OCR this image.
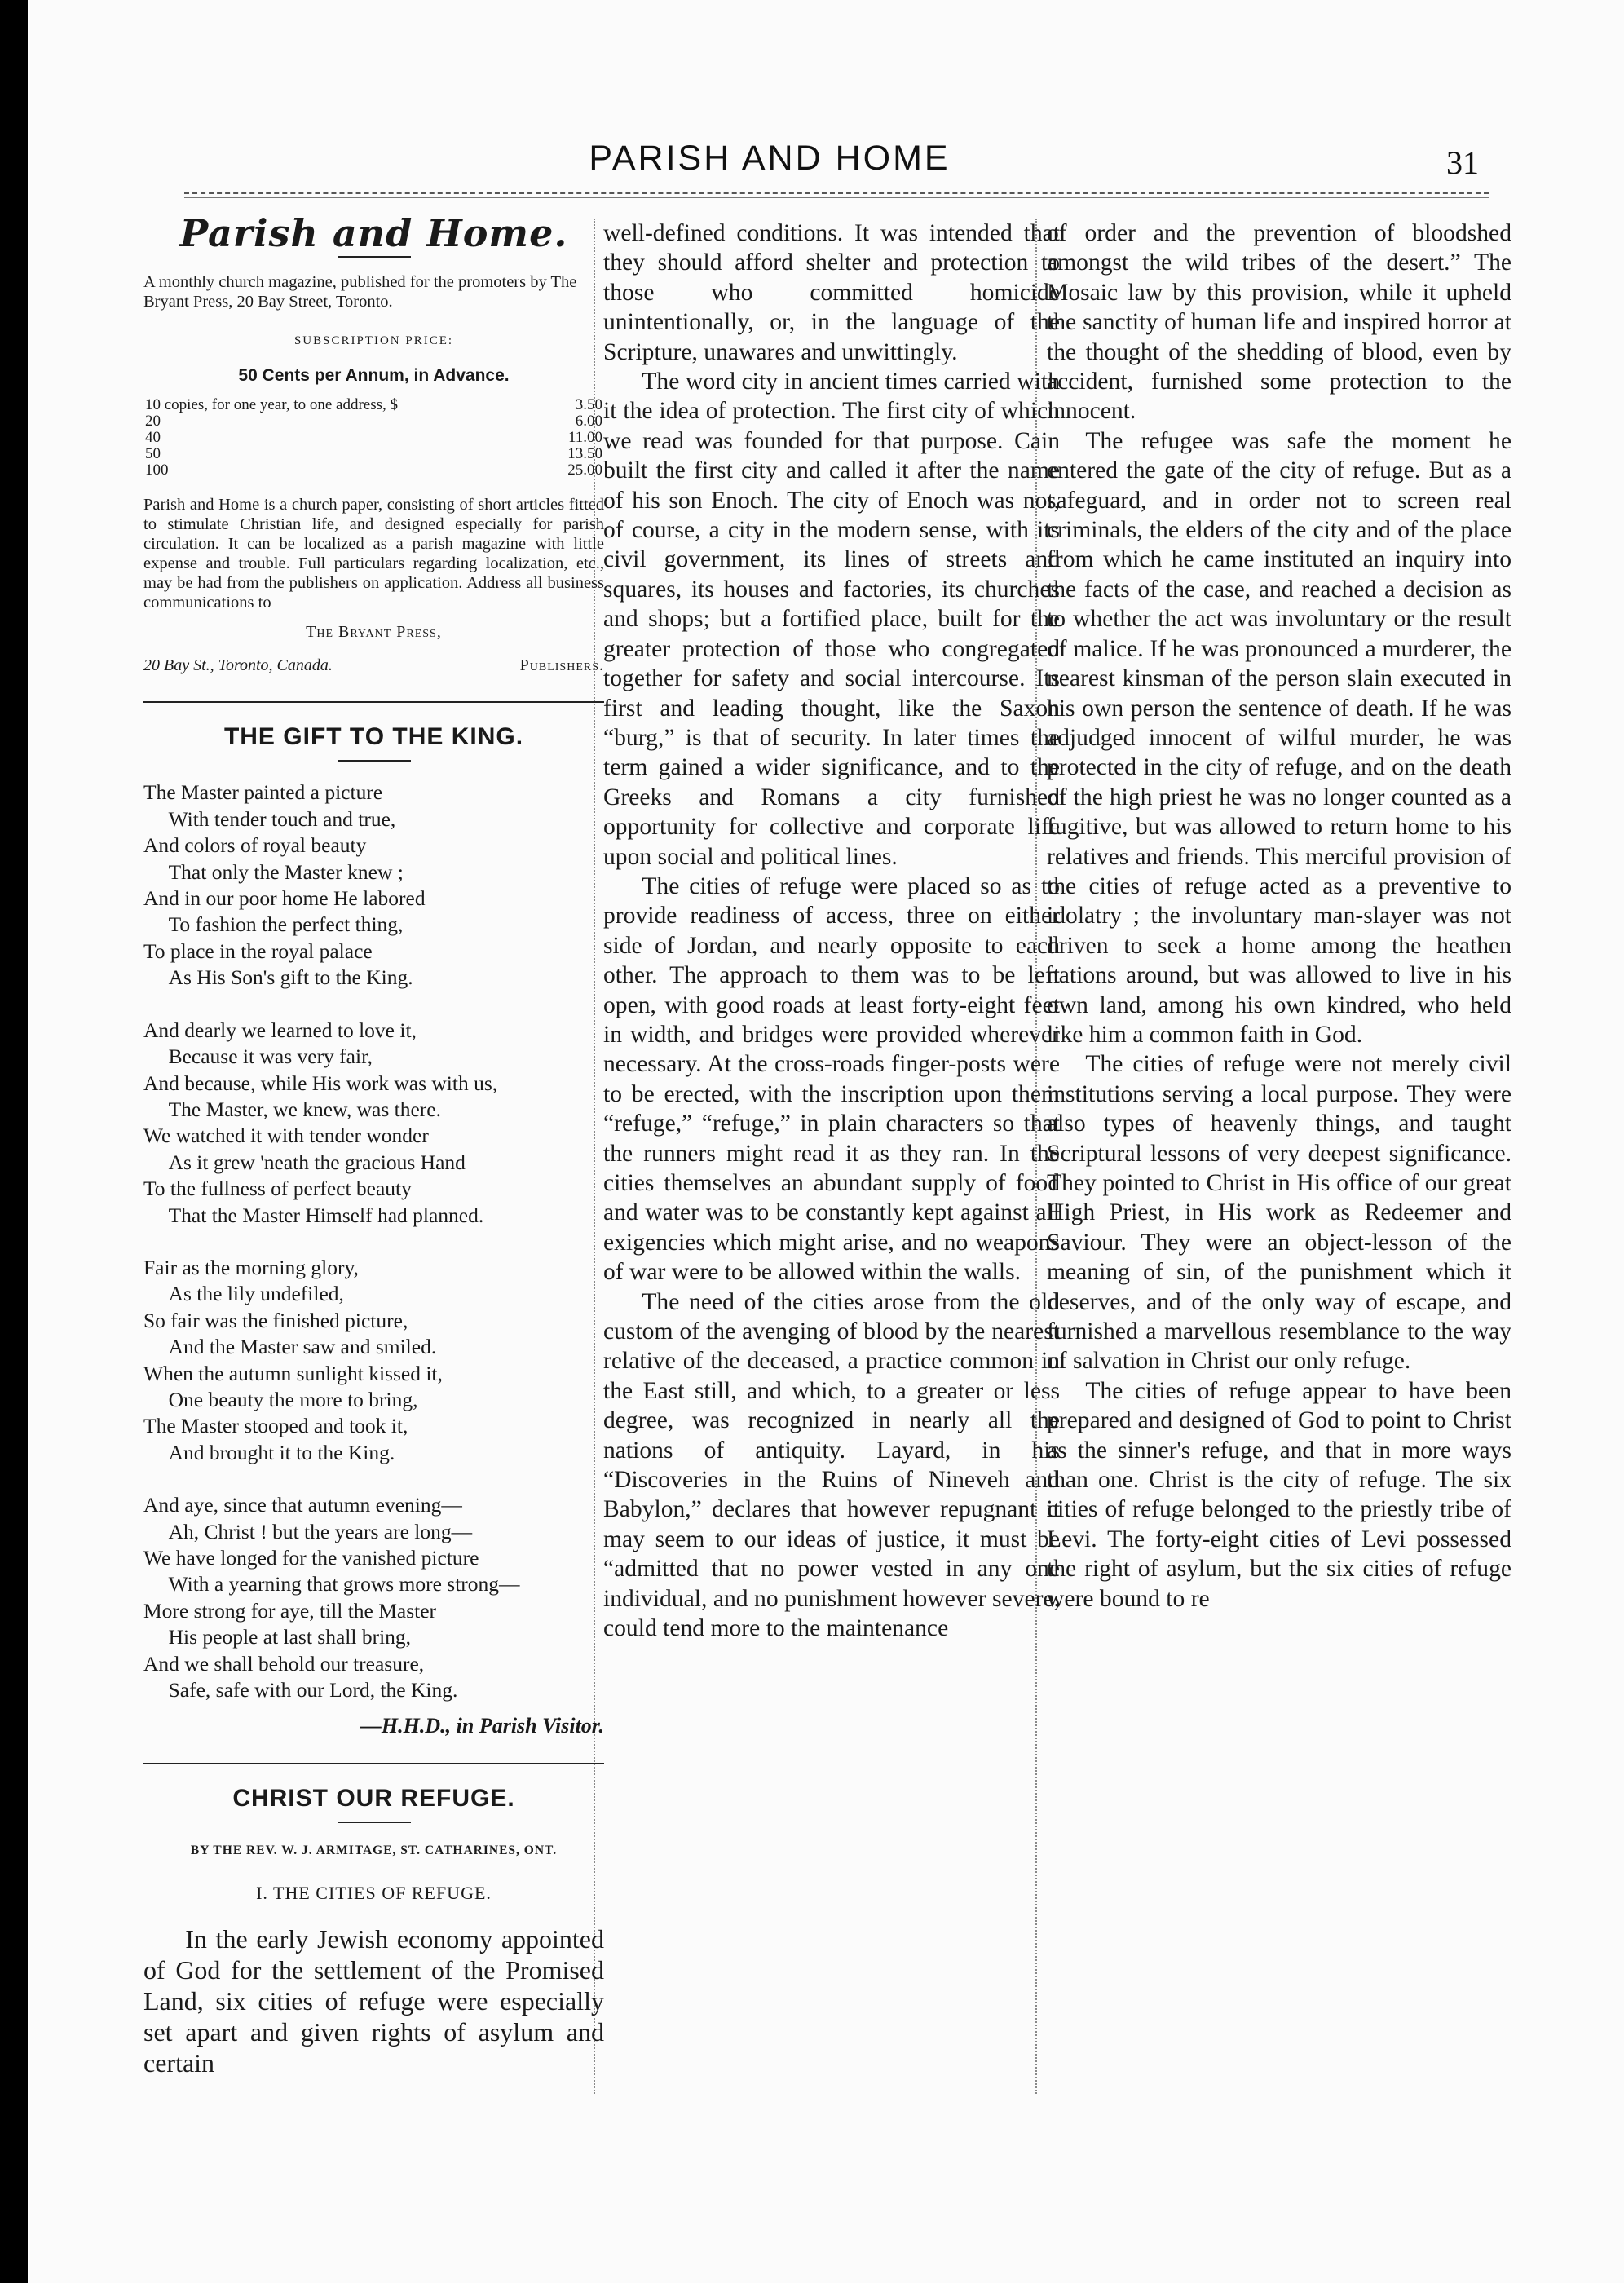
PARISH AND HOME	31
Parish and Home.
A monthly church magazine, published for the promoters by The Bryant Press, 20 Bay Street, Toronto.
SUBSCRIPTION PRICE:
50 Cents per Annum, in Advance.
10 copies, for one year, to one address, $	3.50
20	6.00
40	11.00
50	13.50
100	25.00
Parish and Home is a church paper, consisting of short articles fitted to stimulate Christian life, and designed especially for parish circulation. It can be localized as a parish magazine with little expense and trouble. Full particulars regarding localization, etc., may be had from the publishers on application. Address all business communications to
The Bryant Press,
20 Bay St., Toronto, Canada.	Publishers.
THE GIFT TO THE KING.
The Master painted a picture
With tender touch and true,
And colors of royal beauty
That only the Master knew ;
And in our poor home He labored
To fashion the perfect thing,
To place in the royal palace
As His Son's gift to the King.
And dearly we learned to love it,
Because it was very fair,
And because, while His work was with us,
The Master, we knew, was there.
We watched it with tender wonder
As it grew 'neath the gracious Hand
To the fullness of perfect beauty
That the Master Himself had planned.
Fair as the morning glory,
As the lily undefiled,
So fair was the finished picture,
And the Master saw and smiled.
When the autumn sunlight kissed it,
One beauty the more to bring,
The Master stooped and took it,
And brought it to the King.
And aye, since that autumn evening—
Ah, Christ ! but the years are long—
We have longed for the vanished picture
With a yearning that grows more strong—
More strong for aye, till the Master
His people at last shall bring,
And we shall behold our treasure,
Safe, safe with our Lord, the King.
—H.H.D., in Parish Visitor.
CHRIST OUR REFUGE.
BY THE REV. W. J. ARMITAGE, ST. CATHARINES, ONT.
I. THE CITIES OF REFUGE.

In the early Jewish economy appointed of God for the settlement of the Promised Land, six cities of refuge were especially set apart and given rights of asylum and certain

well-defined conditions. It was intended that they should afford shelter and protection to those who committed homicide unintentionally, or, in the language of the Scripture, unawares and unwittingly.

The word city in ancient times carried with it the idea of protection. The first city of which we read was founded for that purpose. Cain built the first city and called it after the name of his son Enoch. The city of Enoch was not, of course, a city in the modern sense, with its civil government, its lines of streets and squares, its houses and factories, its churches and shops; but a fortified place, built for the greater protection of those who congregated together for safety and social intercourse. Its first and leading thought, like the Saxon “burg,” is that of security. In later times the term gained a wider significance, and to the Greeks and Romans a city furnished opportunity for collective and corporate life upon social and political lines.

The cities of refuge were placed so as to provide readiness of access, three on either side of Jordan, and nearly opposite to each other. The approach to them was to be left open, with good roads at least forty-eight feet in width, and bridges were provided wherever necessary. At the cross-roads finger-posts were to be erected, with the inscription upon them “refuge,” “refuge,” in plain characters so that the runners might read it as they ran. In the cities themselves an abundant supply of food and water was to be constantly kept against all exigencies which might arise, and no weapons of war were to be allowed within the walls.

The need of the cities arose from the old custom of the avenging of blood by the nearest relative of the deceased, a practice common in the East still, and which, to a greater or less degree, was recognized in nearly all the nations of antiquity. Layard, in his “Discoveries in the Ruins of Nineveh and Babylon,” declares that however repugnant it may seem to our ideas of justice, it must be “admitted that no power vested in any one individual, and no punishment however severe, could tend more to the maintenance

of order and the prevention of bloodshed amongst the wild tribes of the desert.” The Mosaic law by this provision, while it upheld the sanctity of human life and inspired horror at the thought of the shedding of blood, even by accident, furnished some protection to the innocent.

The refugee was safe the moment he entered the gate of the city of refuge. But as a safeguard, and in order not to screen real criminals, the elders of the city and of the place from which he came instituted an inquiry into the facts of the case, and reached a decision as to whether the act was involuntary or the result of malice. If he was pronounced a murderer, the nearest kinsman of the person slain executed in his own person the sentence of death. If he was adjudged innocent of wilful murder, he was protected in the city of refuge, and on the death of the high priest he was no longer counted as a fugitive, but was allowed to return home to his relatives and friends. This merciful provision of the cities of refuge acted as a preventive to idolatry ; the involuntary man-slayer was not driven to seek a home among the heathen nations around, but was allowed to live in his own land, among his own kindred, who held like him a common faith in God.

The cities of refuge were not merely civil institutions serving a local purpose. They were also types of heavenly things, and taught Scriptural lessons of very deepest significance. They pointed to Christ in His office of our great High Priest, in His work as Redeemer and Saviour. They were an object-lesson of the meaning of sin, of the punishment which it deserves, and of the only way of escape, and furnished a marvellous resemblance to the way of salvation in Christ our only refuge.

The cities of refuge appear to have been prepared and designed of God to point to Christ as the sinner's refuge, and that in more ways than one. Christ is the city of refuge. The six cities of refuge belonged to the priestly tribe of Levi. The forty-eight cities of Levi possessed the right of asylum, but the six cities of refuge were bound to re
